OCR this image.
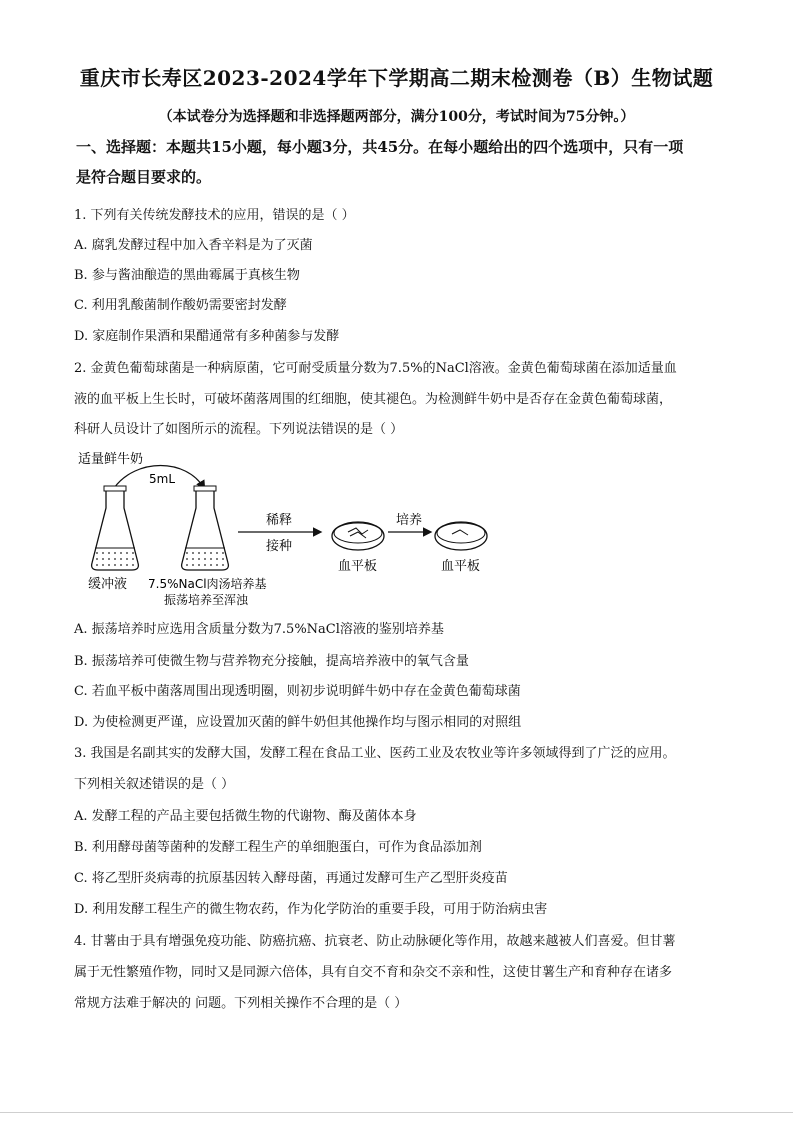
重庆市长寿区2023-2024学年下学期高二期末检测卷（B）生物试题
（本试卷分为选择题和非选择题两部分，满分100分，考试时间为75分钟。）
一、选择题：本题共15小题，每小题3分，共45分。在每小题给出的四个选项中，只有一项
是符合题目要求的。
1. 下列有关传统发酵技术的应用，错误的是（ ）
A. 腐乳发酵过程中加入香辛料是为了灭菌
B. 参与酱油酿造的黑曲霉属于真核生物
C. 利用乳酸菌制作酸奶需要密封发酵
D. 家庭制作果酒和果醋通常有多种菌参与发酵
2. 金黄色葡萄球菌是一种病原菌，它可耐受质量分数为7.5%的NaCl溶液。金黄色葡萄球菌在添加适量血
液的血平板上生长时，可破坏菌落周围的红细胞，使其褪色。为检测鲜牛奶中是否存在金黄色葡萄球菌，
科研人员设计了如图所示的流程。下列说法错误的是（ ）
适量鲜牛奶
5mL
缓冲液 7.5%NaCl肉汤培养基
振荡培养至浑浊
稀释
接种
培养
血平板	血平板
A. 振荡培养时应选用含质量分数为7.5%NaCl溶液的鉴别培养基
B. 振荡培养可使微生物与营养物充分接触，提高培养液中的氧气含量
C. 若血平板中菌落周围出现透明圈，则初步说明鲜牛奶中存在金黄色葡萄球菌
D. 为使检测更严谨，应设置加灭菌的鲜牛奶但其他操作均与图示相同的对照组
3. 我国是名副其实的发酵大国，发酵工程在食品工业、医药工业及农牧业等许多领域得到了广泛的应用。
下列相关叙述错误的是（ ）
A. 发酵工程的产品主要包括微生物的代谢物、酶及菌体本身
B. 利用酵母菌等菌种的发酵工程生产的单细胞蛋白，可作为食品添加剂
C. 将乙型肝炎病毒的抗原基因转入酵母菌，再通过发酵可生产乙型肝炎疫苗
D. 利用发酵工程生产的微生物农药，作为化学防治的重要手段，可用于防治病虫害
4. 甘薯由于具有增强免疫功能、防癌抗癌、抗衰老、防止动脉硬化等作用，故越来越被人们喜爱。但甘薯
属于无性繁殖作物，同时又是同源六倍体，具有自交不育和杂交不亲和性，这使甘薯生产和育种存在诸多
常规方法难于解决的 问题。下列相关操作不合理的是（ ）
